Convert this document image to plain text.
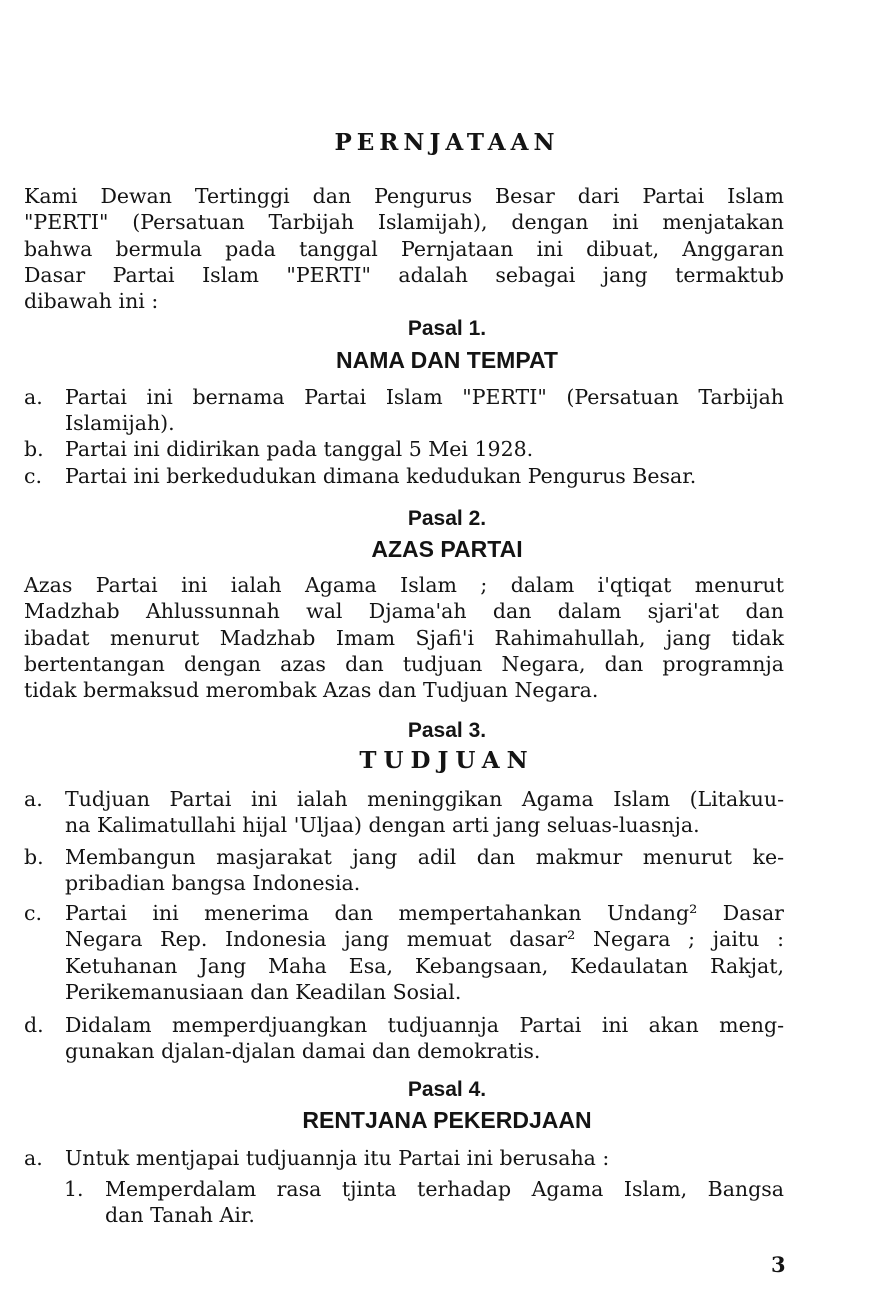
PERNJATAAN
Kami Dewan Tertinggi dan Pengurus Besar dari Partai Islam
"PERTI" (Persatuan Tarbijah Islamijah), dengan ini menjatakan
bahwa bermula pada tanggal Pernjataan ini dibuat, Anggaran
Dasar Partai Islam "PERTI" adalah sebagai jang termaktub
dibawah ini :
Pasal 1.
NAMA DAN TEMPAT
a. Partai ini bernama Partai Islam "PERTI" (Persatuan Tarbijah
Islamijah).
b. Partai ini didirikan pada tanggal 5 Mei 1928.
c. Partai ini berkedudukan dimana kedudukan Pengurus Besar.
Pasal 2.
AZAS PARTAI
Azas Partai ini ialah Agama Islam ; dalam i'qtiqat menurut
Madzhab Ahlussunnah wal Djama'ah dan dalam sjari'at dan
ibadat menurut Madzhab Imam Sjafi'i Rahimahullah, jang tidak
bertentangan dengan azas dan tudjuan Negara, dan programnja
tidak bermaksud merombak Azas dan Tudjuan Negara.
Pasal 3.
TUDJUAN
a. Tudjuan Partai ini ialah meninggikan Agama Islam (Litakuu-
na Kalimatullahi hijal 'Uljaa) dengan arti jang seluas-luasnja.
b. Membangun masjarakat jang adil dan makmur menurut ke-
pribadian bangsa Indonesia.
c. Partai ini menerima dan mempertahankan Undang² Dasar
Negara Rep. Indonesia jang memuat dasar² Negara ; jaitu :
Ketuhanan Jang Maha Esa, Kebangsaan, Kedaulatan Rakjat,
Perikemanusiaan dan Keadilan Sosial.
d. Didalam memperdjuangkan tudjuannja Partai ini akan meng-
gunakan djalan-djalan damai dan demokratis.
Pasal 4.
RENTJANA PEKERDJAAN
a. Untuk mentjapai tudjuannja itu Partai ini berusaha :
1. Memperdalam rasa tjinta terhadap Agama Islam, Bangsa
dan Tanah Air.
3
